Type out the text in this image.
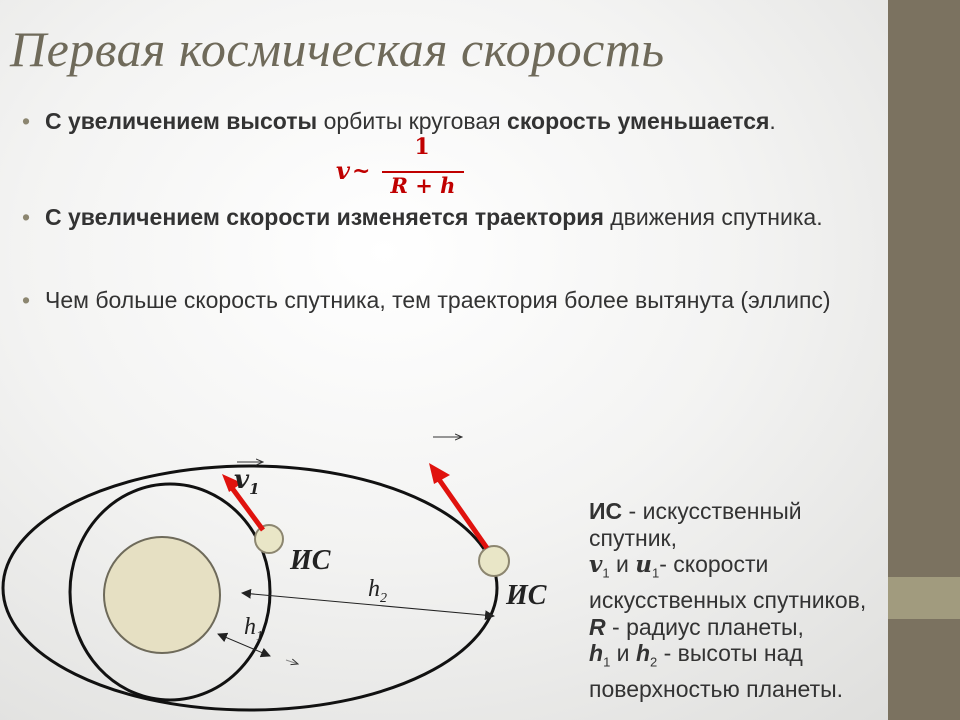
Первая космическая скорость
• С увеличением высоты орбиты круговая скорость уменьшается.
• С увеличением скорости изменяется траектория движения спутника.
• Чем больше скорость спутника, тем траектория более вытянута (эллипс)
v ~
1
R + h
$v_1$
ИС
ИС
$h_2$
$h_1$
ИС - искусственный
спутник,
$v_1$ и $u_1-$ скорости
искусственных спутников,
R - радиус планеты,
$h_1$ и $h_2$ - высоты над
поверхностью планеты.
